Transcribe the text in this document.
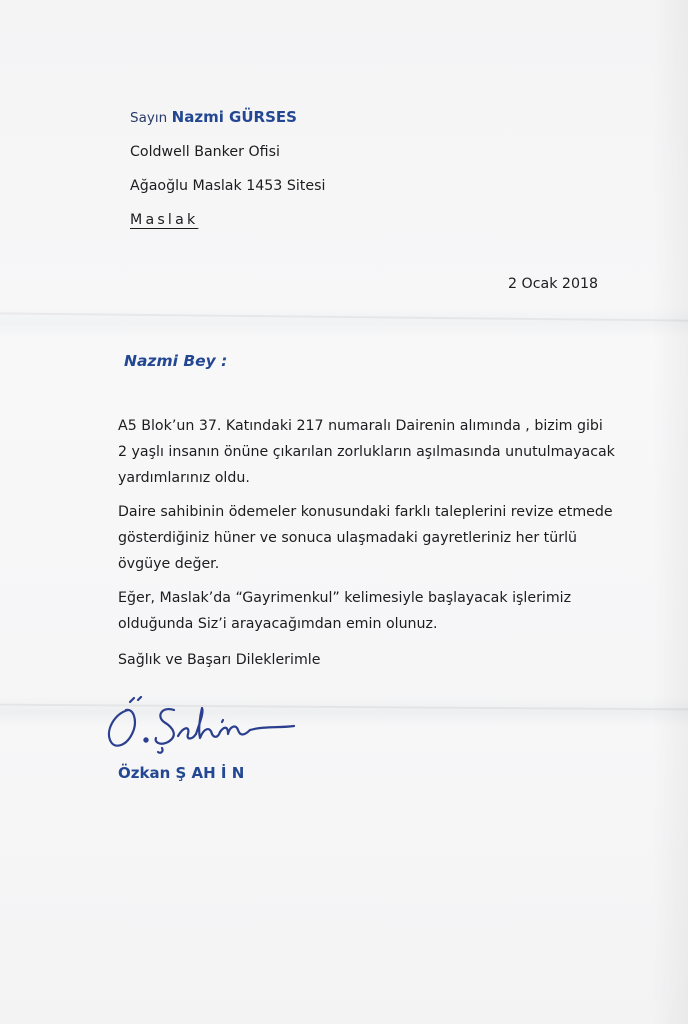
Sayın Nazmi GÜRSES
Coldwell Banker Ofisi
Ağaoğlu Maslak 1453 Sitesi
Maslak
2 Ocak 2018
Nazmi Bey :
A5 Blok’un 37. Katındaki 217 numaralı Dairenin alımında , bizim gibi
2 yaşlı insanın önüne çıkarılan zorlukların aşılmasında unutulmayacak
yardımlarınız oldu.
Daire sahibinin ödemeler konusundaki farklı taleplerini revize etmede
gösterdiğiniz hüner ve sonuca ulaşmadaki gayretleriniz her türlü
övgüye değer.
Eğer, Maslak’da “Gayrimenkul” kelimesiyle başlayacak işlerimiz
olduğunda Siz’i arayacağımdan emin olunuz.
Sağlık ve Başarı Dileklerimle
Özkan Ş AH İ N
